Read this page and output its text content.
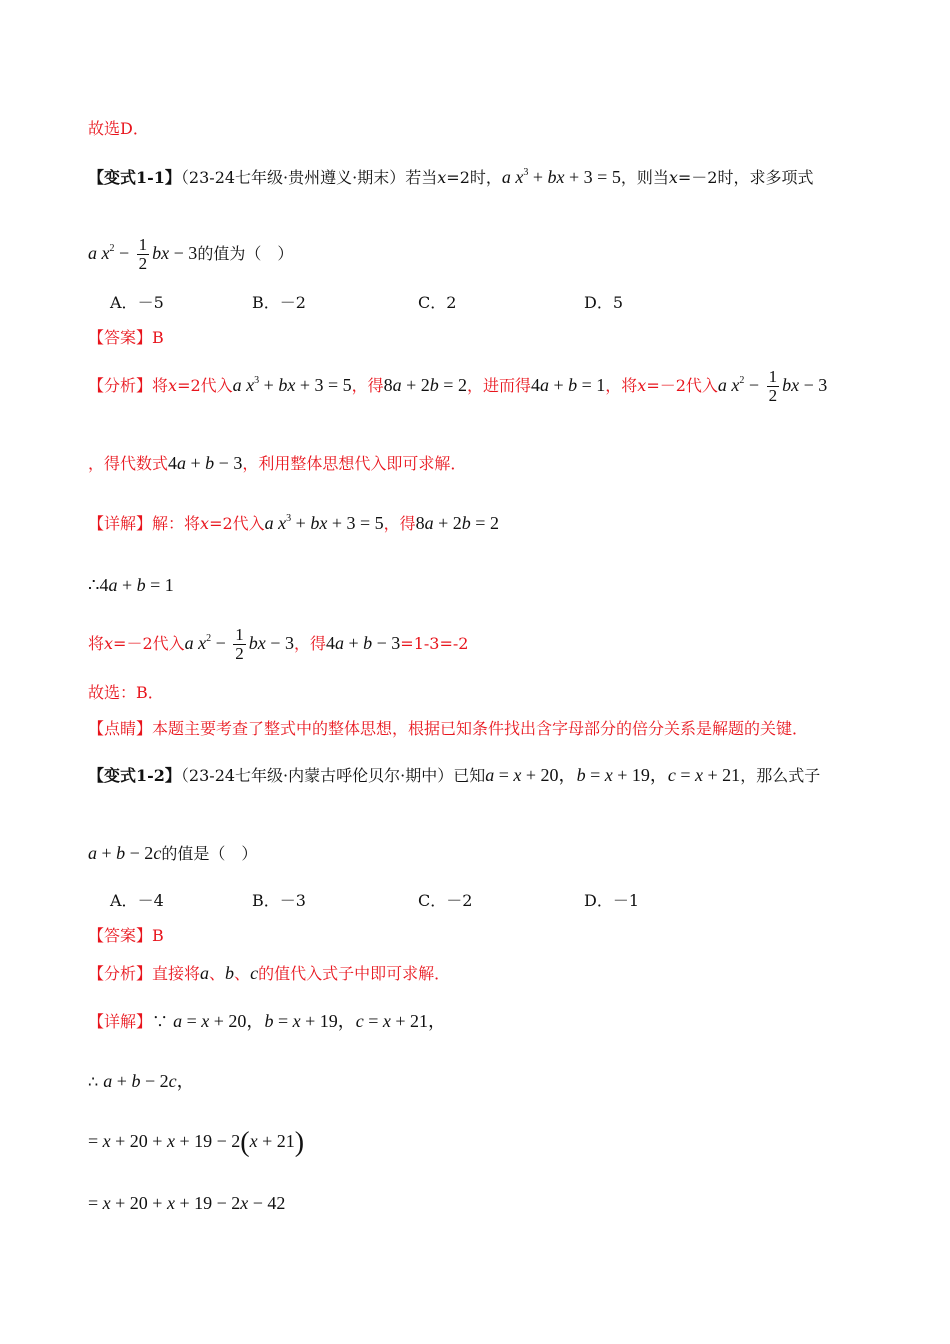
故选D．
【变式1-1】（23-24七年级·贵州遵义·期末）若当x=2时，a $x^3$ + bx + 3 = 5，则当x=－2时，求多项式
a $x^2 - \frac{1}{2}$ bx − 3的值为（　）
A．－5	B．－2	C．2	D．5
【答案】B
【分析】将x=2代入a $x^3$ + bx + 3 = 5，得8a + 2b = 2，进而得4a + b = 1，将x=－2代入a $x^2 - \frac{1}{2}$ bx − 3
，得代数式4a + b − 3，利用整体思想代入即可求解．
【详解】解：将x=2代入a $x^3$ + bx + 3 = 5，得8a + 2b = 2
∴4a + b = 1
将x=－2代入a $x^2 - \frac{1}{2}$ bx − 3，得4a + b − 3=1-3=-2
故选：B．
【点睛】本题主要考查了整式中的整体思想，根据已知条件找出含字母部分的倍分关系是解题的关键．
【变式1-2】（23-24七年级·内蒙古呼伦贝尔·期中）已知a = x + 20，b = x + 19，c = x + 21，那么式子
a + b − 2c的值是（　）
A．－4	B．－3	C．－2	D．－1
【答案】B
【分析】直接将a、b、c的值代入式子中即可求解．
【详解】∵ a = x + 20，b = x + 19，c = x + 21，
∴ a + b − 2c，
= x + 20 + x + 19 − 2(x + 21)
= x + 20 + x + 19 − 2x − 42
